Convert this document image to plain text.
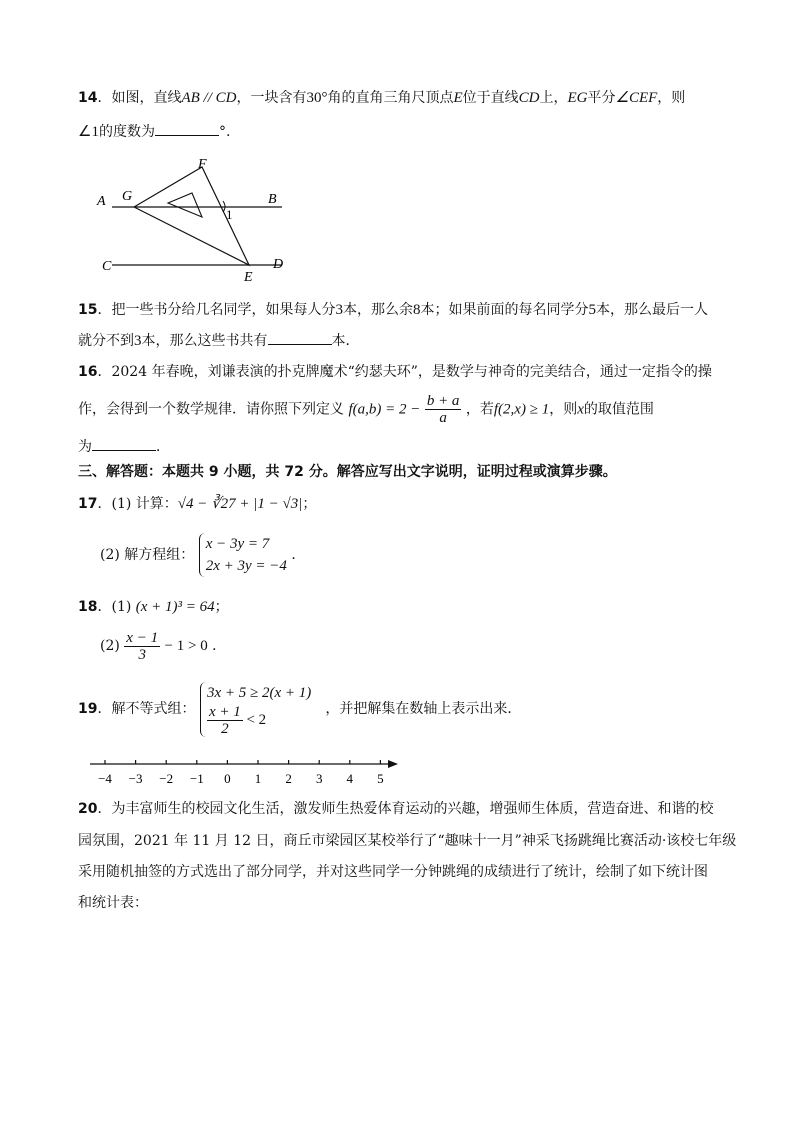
14．如图，直线AB // CD，一块含有30°角的直角三角尺顶点E位于直线CD上，EG平分∠CEF，则
∠1的度数为	°.
A G
F
B
1
C	D
E
15．把一些书分给几名同学，如果每人分3本，那么余8本；如果前面的每名同学分5本，那么最后一人
就分不到3本，那么这些书共有	本．
16．2024 年春晚，刘谦表演的扑克牌魔术“约瑟夫环”，是数学与神奇的完美结合，通过一定指令的操
作，会得到一个数学规律．请你照下列定义 $f(a,b) = 2 - \frac{b + a}{a}$ ，若f(2,x) ≥ 1，则x的取值范围
为	．
三、解答题：本题共 9 小题，共 72 分。解答应写出文字说明，证明过程或演算步骤。
17．(1) 计算：√4 − ∛27 + |1 − √3|；
(2) 解方程组：
x − 3y = 7
2x + 3y = −4
．
18．(1) (x + 1)³ = 64；
$(2) \frac{x - 1}{3} - 1 > 0$ ．
19．解不等式组：
3x + 5 ≥ 2(x + 1)
$\frac{x + 1}{2} < 2$
，并把解集在数轴上表示出来．
−4 −3 −2 −1 0 1 2 3 4 5
20．为丰富师生的校园文化生活，激发师生热爱体育运动的兴趣，增强师生体质，营造奋进、和谐的校
园氛围，2021 年 11 月 12 日，商丘市梁园区某校举行了“趣味十一月”神采飞扬跳绳比赛活动·该校七年级
采用随机抽签的方式选出了部分同学，并对这些同学一分钟跳绳的成绩进行了统计，绘制了如下统计图
和统计表：
